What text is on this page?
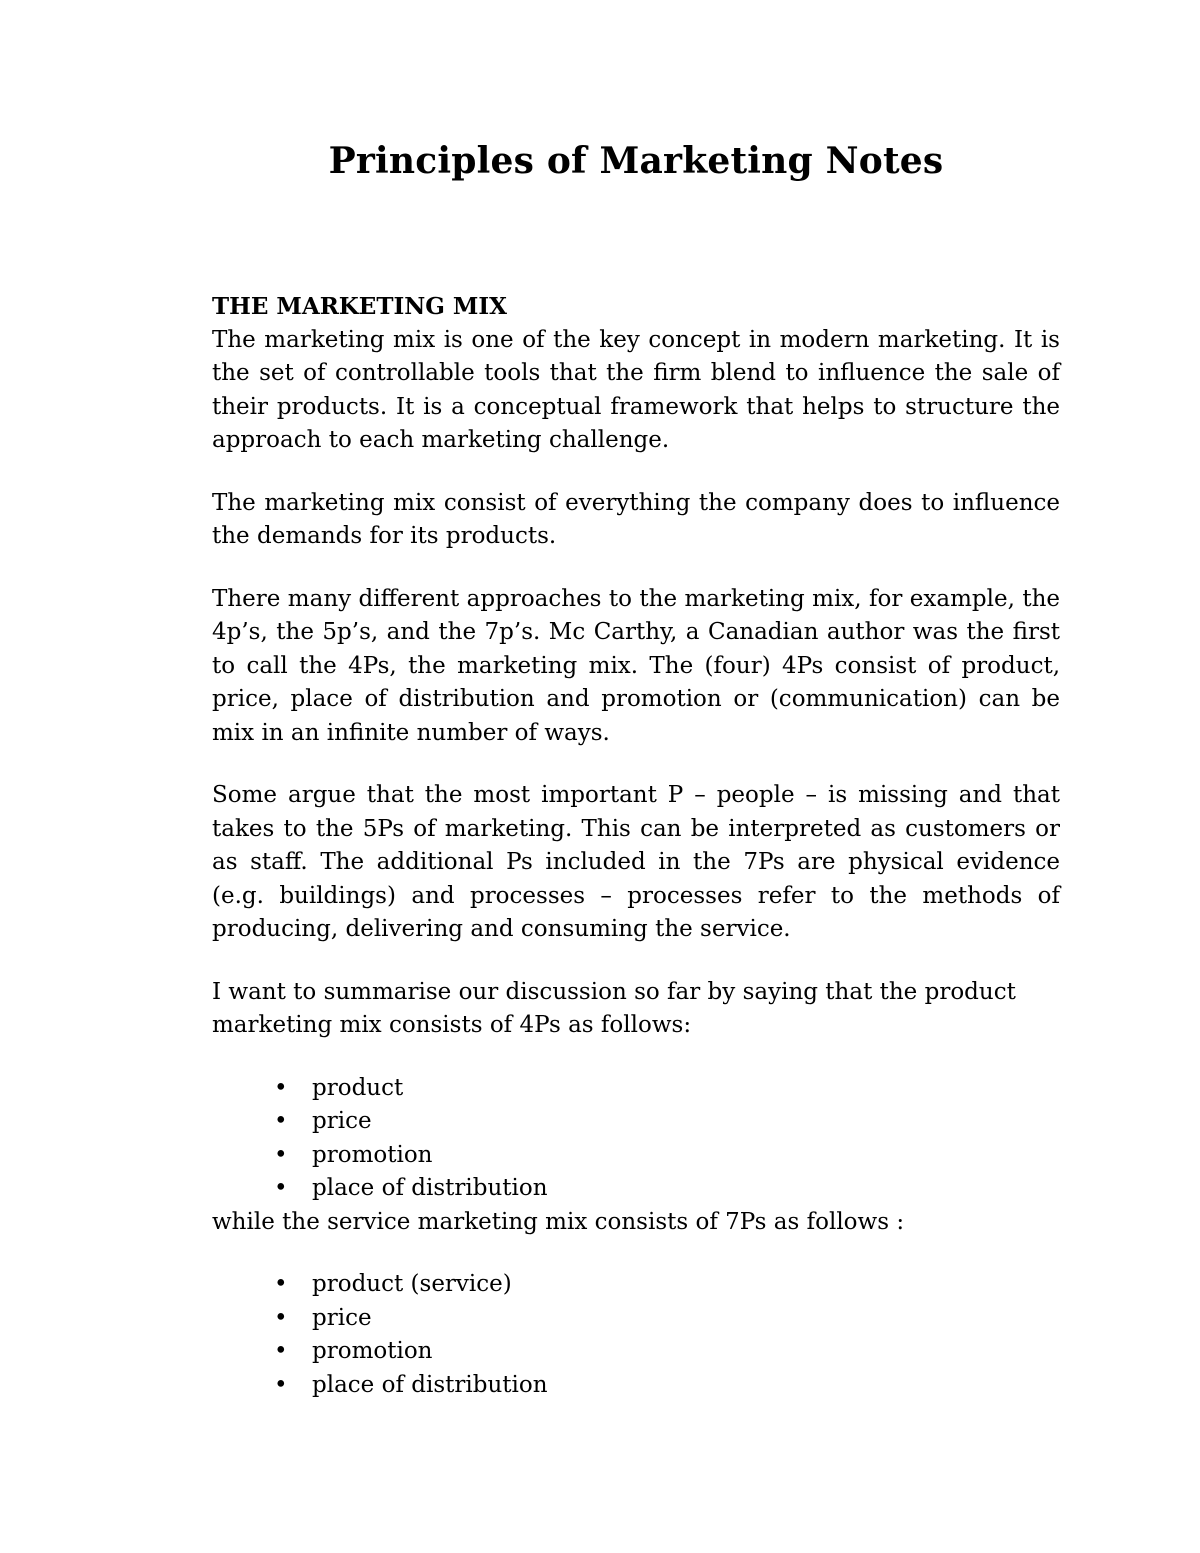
Principles of Marketing Notes
THE MARKETING MIX

The marketing mix is one of the key concept in modern marketing. It is the set of controllable tools that the firm blend to influence the sale of their products. It is a conceptual framework that helps to structure the approach to each marketing challenge.

The marketing mix consist of everything the company does to influence the demands for its products.

There many different approaches to the marketing mix, for example, the 4p’s, the 5p’s, and the 7p’s. Mc Carthy, a Canadian author was the first to call the 4Ps, the marketing mix. The (four) 4Ps consist of product, price, place of distribution and promotion or (communication) can be mix in an infinite number of ways.

Some argue that the most important P – people – is missing and that takes to the 5Ps of marketing. This can be interpreted as customers or as staff. The additional Ps included in the 7Ps are physical evidence (e.g. buildings) and processes – processes refer to the methods of producing, delivering and consuming the service.

I want to summarise our discussion so far by saying that the product marketing mix consists of 4Ps as follows:

• product
• price
• promotion
• place of distribution

while the service marketing mix consists of 7Ps as follows :

• product (service)
• price
• promotion
• place of distribution
